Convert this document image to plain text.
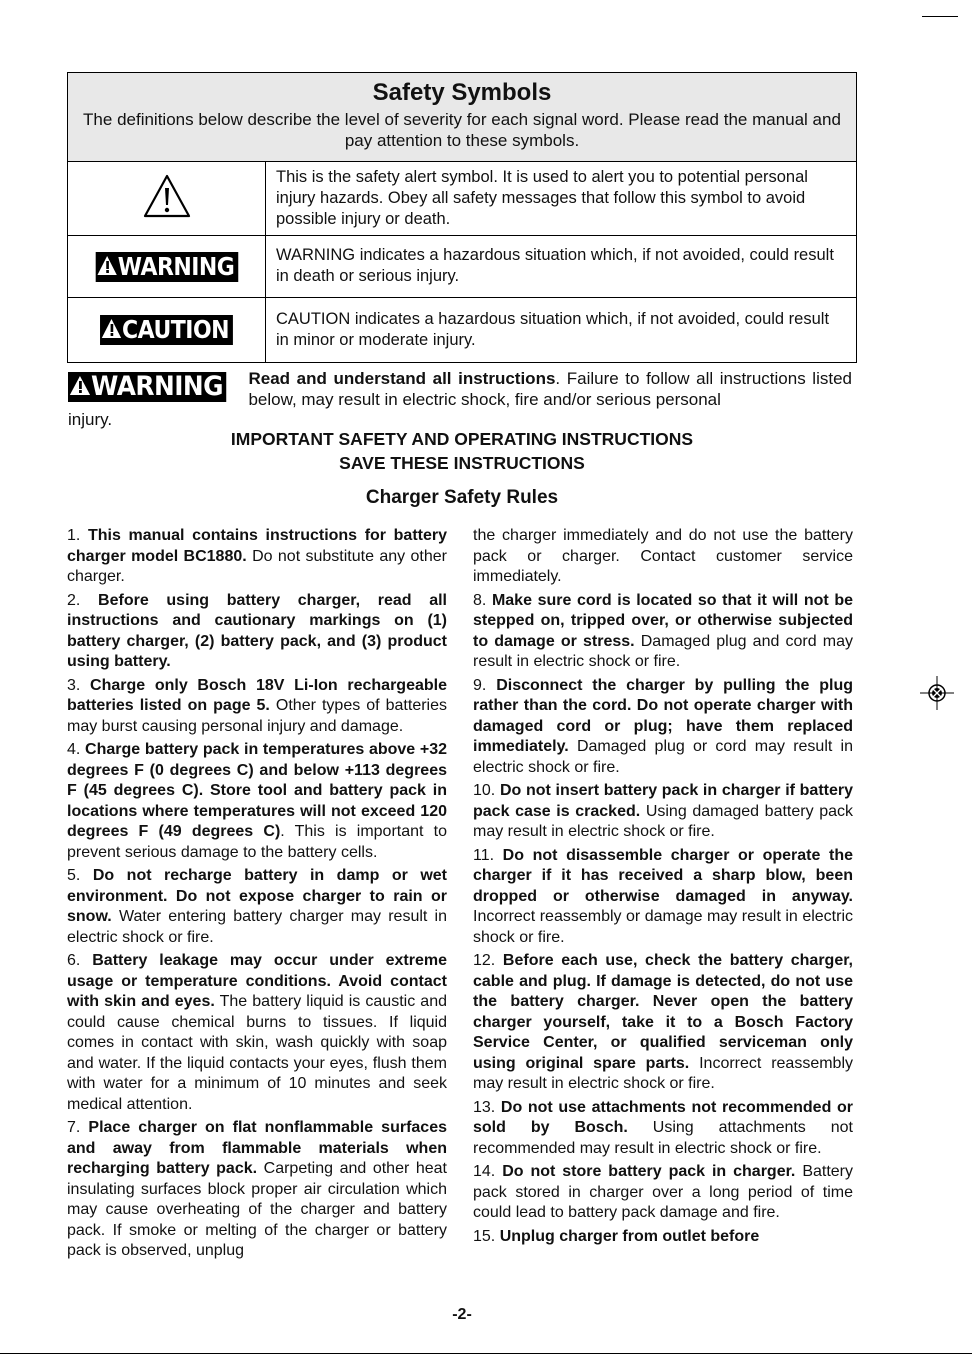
Safety Symbols
The definitions below describe the level of severity for each signal word. Please read the manual and pay attention to these symbols.	

	This is the safety alert symbol. It is used to alert you to potential personal injury hazards. Obey all safety messages that follow this symbol to avoid possible injury or death.

WARNING	WARNING indicates a hazardous situation which, if not avoided, could result in death or serious injury.

CAUTION	CAUTION indicates a hazardous situation which, if not avoided, could result in minor or moderate injury.
WARNING Read and understand all instructions. Failure to follow all instructions listed below, may result in electric shock, fire and/or serious personal
injury.
IMPORTANT SAFETY AND OPERATING INSTRUCTIONS
SAVE THESE INSTRUCTIONS
Charger Safety Rules

1. This manual contains instructions for battery charger model BC1880. Do not substitute any other charger.

2. Before using battery charger, read all instructions and cautionary markings on (1) battery charger, (2) battery pack, and (3) product using battery.

3. Charge only Bosch 18V Li-Ion rechargeable batteries listed on page 5. Other types of batteries may burst causing personal injury and damage.

4. Charge battery pack in temperatures above +32 degrees F (0 degrees C) and below +113 degrees F (45 degrees C). Store tool and battery pack in locations where temperatures will not exceed 120 degrees F (49 degrees C). This is important to prevent serious damage to the battery cells.

5. Do not recharge battery in damp or wet environment. Do not expose charger to rain or snow. Water entering battery charger may result in electric shock or fire.

6. Battery leakage may occur under extreme usage or temperature conditions. Avoid contact with skin and eyes. The battery liquid is caustic and could cause chemical burns to tissues. If liquid comes in contact with skin, wash quickly with soap and water. If the liquid contacts your eyes, flush them with water for a minimum of 10 minutes and seek medical attention.

7. Place charger on flat nonflammable surfaces and away from flammable materials when recharging battery pack. Carpeting and other heat insulating surfaces block proper air circulation which may cause overheating of the charger and battery pack. If smoke or melting of the charger or battery pack is observed, unplug

the charger immediately and do not use the battery pack or charger. Contact customer service immediately.

8. Make sure cord is located so that it will not be stepped on, tripped over, or otherwise subjected to damage or stress. Damaged plug and cord may result in electric shock or fire.

9. Disconnect the charger by pulling the plug rather than the cord. Do not operate charger with damaged cord or plug; have them replaced immediately. Damaged plug or cord may result in electric shock or fire.

10. Do not insert battery pack in charger if battery pack case is cracked. Using damaged battery pack may result in electric shock or fire.

11. Do not disassemble charger or operate the charger if it has received a sharp blow, been dropped or otherwise damaged in anyway. Incorrect reassembly or damage may result in electric shock or fire.

12. Before each use, check the battery charger, cable and plug. If damage is detected, do not use the battery charger. Never open the battery charger yourself, take it to a Bosch Factory Service Center, or qualified serviceman only using original spare parts. Incorrect reassembly may result in electric shock or fire.

13. Do not use attachments not recommended or sold by Bosch. Using attachments not recommended may result in electric shock or fire.

14. Do not store battery pack in charger. Battery pack stored in charger over a long period of time could lead to battery pack damage and fire.

15. Unplug charger from outlet before

-2-
